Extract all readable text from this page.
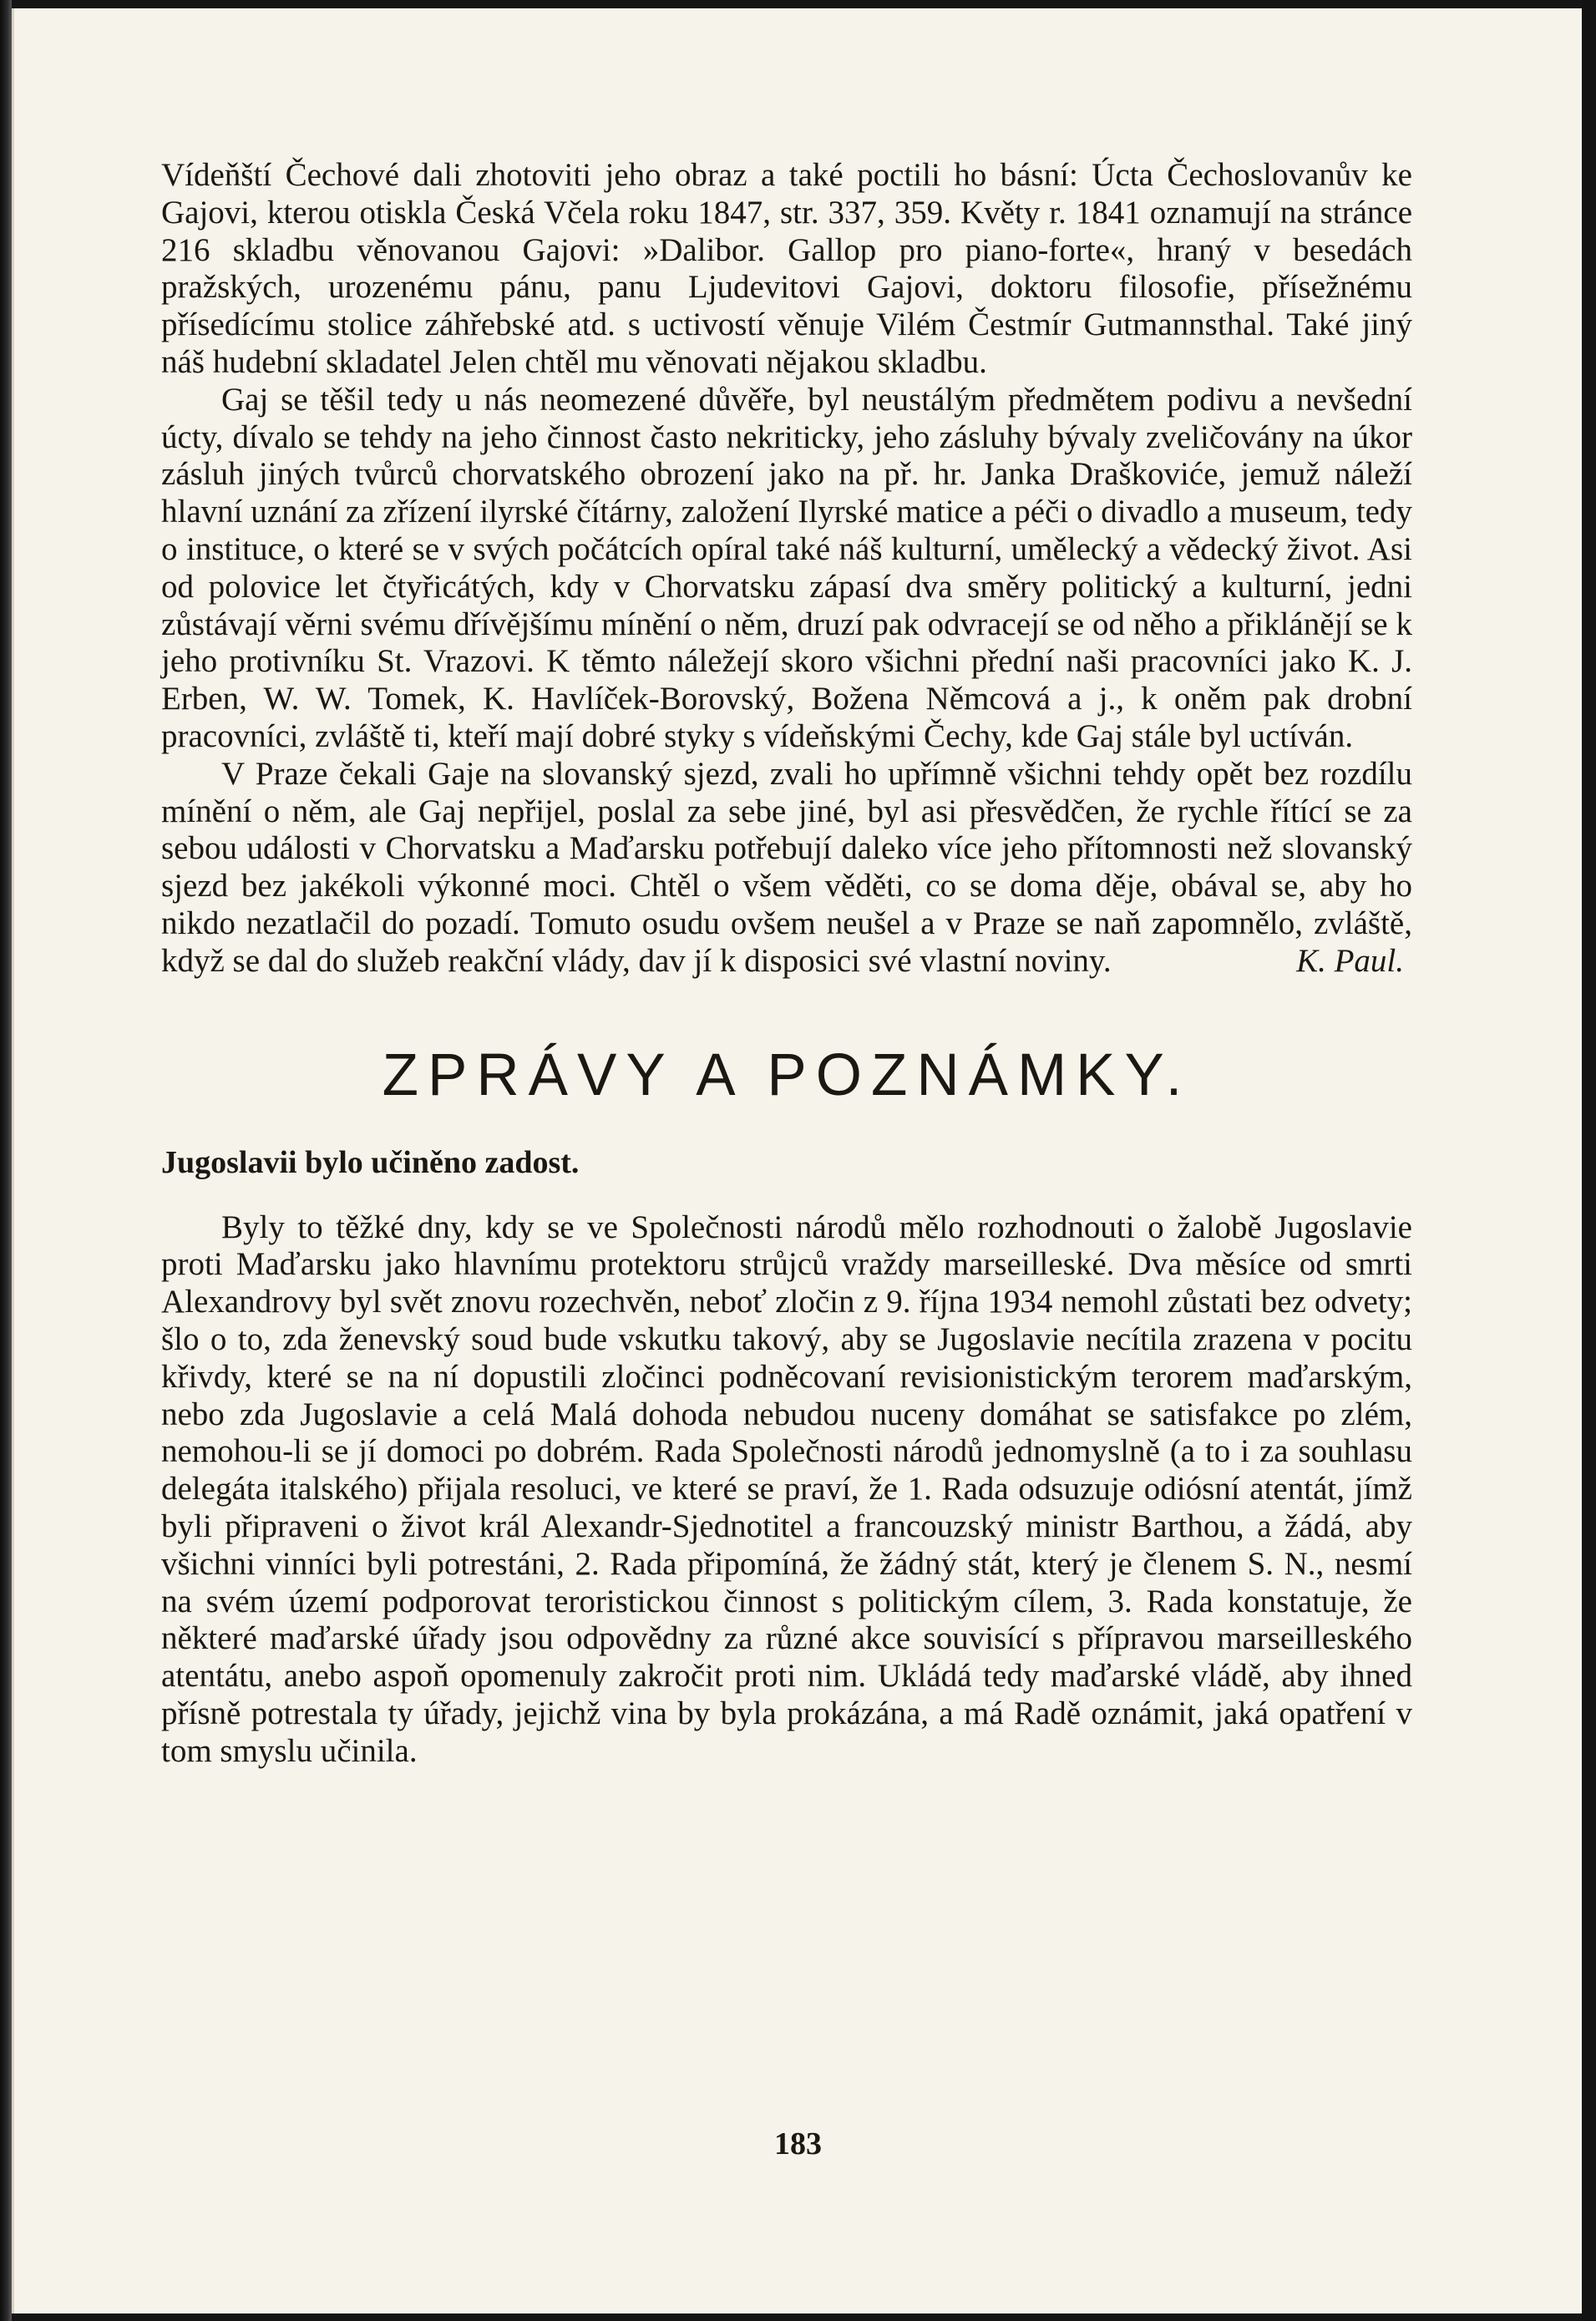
Vídeňští Čechové dali zhotoviti jeho obraz a také poctili ho básní: Úcta Čechoslovanův ke Gajovi, kterou otiskla Česká Včela roku 1847, str. 337, 359. Květy r. 1841 oznamují na stránce 216 skladbu věnovanou Gajovi: »Dalibor. Gallop pro piano-forte«, hraný v besedách pražských, urozenému pánu, panu Ljudevitovi Gajovi, doktoru filosofie, přísežnému přísedícímu stolice záhřebské atd. s uctivostí věnuje Vilém Čestmír Gutmannsthal. Také jiný náš hudební skladatel Jelen chtěl mu věnovati nějakou skladbu.

Gaj se těšil tedy u nás neomezené důvěře, byl neustálým předmětem podivu a nevšední úcty, dívalo se tehdy na jeho činnost často nekriticky, jeho zásluhy bývaly zveličovány na úkor zásluh jiných tvůrců chorvatského obrození jako na př. hr. Janka Draškoviće, jemuž náleží hlavní uznání za zřízení ilyrské čítárny, založení Ilyrské matice a péči o divadlo a museum, tedy o instituce, o které se v svých počátcích opíral také náš kulturní, umělecký a vědecký život. Asi od polovice let čtyřicátých, kdy v Chorvatsku zápasí dva směry politický a kulturní, jedni zůstávají věrni svému dřívějšímu mínění o něm, druzí pak odvracejí se od něho a přiklánějí se k jeho protivníku St. Vrazovi. K těmto náležejí skoro všichni přední naši pracovníci jako K. J. Erben, W. W. Tomek, K. Havlíček-Borovský, Božena Němcová a j., k oněm pak drobní pracovníci, zvláště ti, kteří mají dobré styky s vídeňskými Čechy, kde Gaj stále byl uctíván.

V Praze čekali Gaje na slovanský sjezd, zvali ho upřímně všichni tehdy opět bez rozdílu mínění o něm, ale Gaj nepřijel, poslal za sebe jiné, byl asi přesvědčen, že rychle řítící se za sebou události v Chorvatsku a Maďarsku potřebují daleko více jeho přítomnosti než slovanský sjezd bez jakékoli výkonné moci. Chtěl o všem věděti, co se doma děje, obával se, aby ho nikdo nezatlačil do pozadí. Tomuto osudu ovšem neušel a v Praze se naň zapomnělo, zvláště, když se dal do služeb reakční vlády, dav jí k disposici své vlastní noviny.	K. Paul.

ZPRÁVY A POZNÁMKY.
Jugoslavii bylo učiněno zadost.

Byly to těžké dny, kdy se ve Společnosti národů mělo rozhodnouti o žalobě Jugoslavie proti Maďarsku jako hlavnímu protektoru strůjců vraždy marseilleské. Dva měsíce od smrti Alexandrovy byl svět znovu rozechvěn, neboť zločin z 9. října 1934 nemohl zůstati bez odvety; šlo o to, zda ženevský soud bude vskutku takový, aby se Jugoslavie necítila zrazena v pocitu křivdy, které se na ní dopustili zločinci podněcovaní revisionistickým terorem maďarským, nebo zda Jugoslavie a celá Malá dohoda nebudou nuceny domáhat se satisfakce po zlém, nemohou-li se jí domoci po dobrém. Rada Společnosti národů jednomyslně (a to i za souhlasu delegáta italského) přijala resoluci, ve které se praví, že 1. Rada odsuzuje odiósní atentát, jímž byli připraveni o život král Alexandr-Sjednotitel a francouzský ministr Barthou, a žádá, aby všichni vinníci byli potrestáni, 2. Rada připomíná, že žádný stát, který je členem S. N., nesmí na svém území podporovat teroristickou činnost s politickým cílem, 3. Rada konstatuje, že některé maďarské úřady jsou odpovědny za různé akce souvisící s přípravou marseilleského atentátu, anebo aspoň opomenuly zakročit proti nim. Ukládá tedy maďarské vládě, aby ihned přísně potrestala ty úřady, jejichž vina by byla prokázána, a má Radě oznámit, jaká opatření v tom smyslu učinila.

183
